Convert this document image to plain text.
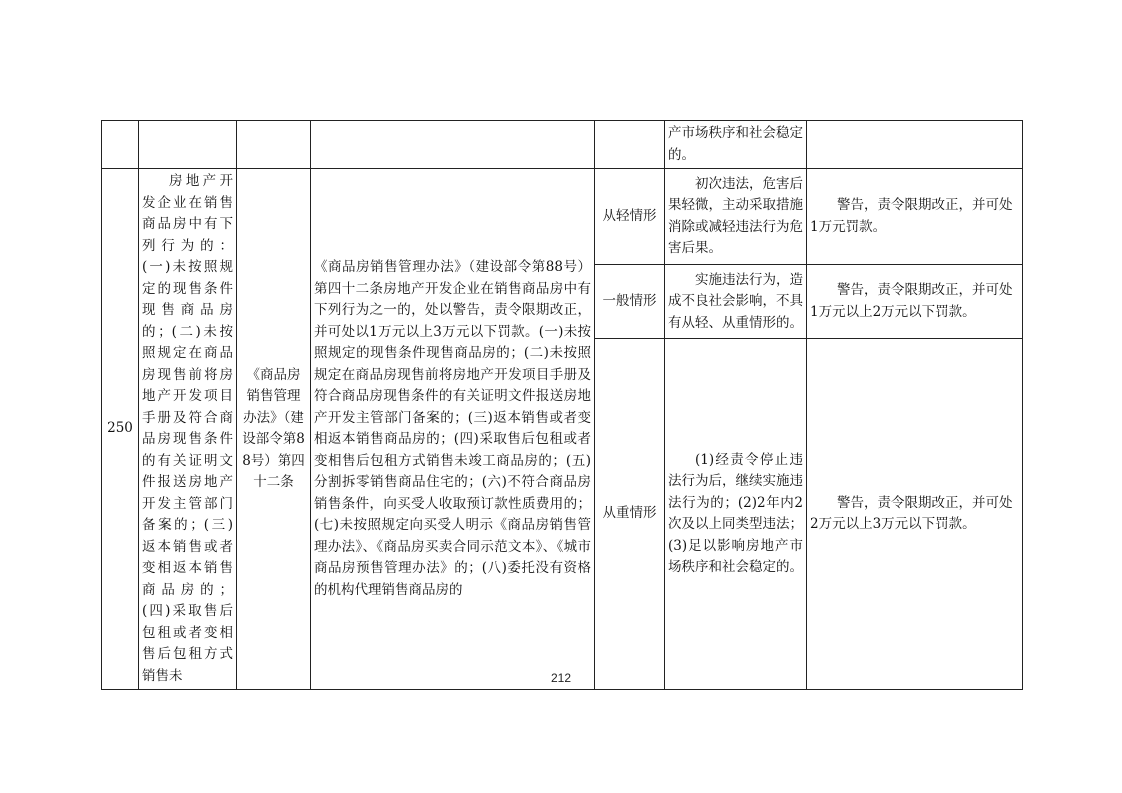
					产市场秩序和社会稳定的。	
250	房地产开发企业在销售商品房中有下列行为的：(一)未按照规定的现售条件现售商品房的；(二)未按照规定在商品房现售前将房地产开发项目手册及符合商品房现售条件的有关证明文件报送房地产开发主管部门备案的；(三)返本销售或者变相返本销售商品房的；(四)采取售后包租或者变相售后包租方式销售未	《商品房销售管理办法》（建设部令第88号）第四十二条	《商品房销售管理办法》（建设部令第88号）第四十二条房地产开发企业在销售商品房中有下列行为之一的，处以警告，责令限期改正，并可处以1万元以上3万元以下罚款。(一)未按照规定的现售条件现售商品房的；(二)未按照规定在商品房现售前将房地产开发项目手册及符合商品房现售条件的有关证明文件报送房地产开发主管部门备案的；(三)返本销售或者变相返本销售商品房的；(四)采取售后包租或者变相售后包租方式销售未竣工商品房的；(五)分割拆零销售商品住宅的；(六)不符合商品房销售条件，向买受人收取预订款性质费用的；(七)未按照规定向买受人明示《商品房销售管理办法》、《商品房买卖合同示范文本》、《城市商品房预售管理办法》的；(八)委托没有资格的机构代理销售商品房的	从轻情形	初次违法，危害后果轻微，主动采取措施消除或减轻违法行为危害后果。	警告，责令限期改正，并可处1万元罚款。

				一般情形	实施违法行为，造成不良社会影响，不具有从轻、从重情形的。	警告，责令限期改正，并可处1万元以上2万元以下罚款。

				从重情形	(1)经责令停止违法行为后，继续实施违法行为的；(2)2年内2次及以上同类型违法；(3)足以影响房地产市场秩序和社会稳定的。	警告，责令限期改正，并可处2万元以上3万元以下罚款。
212
